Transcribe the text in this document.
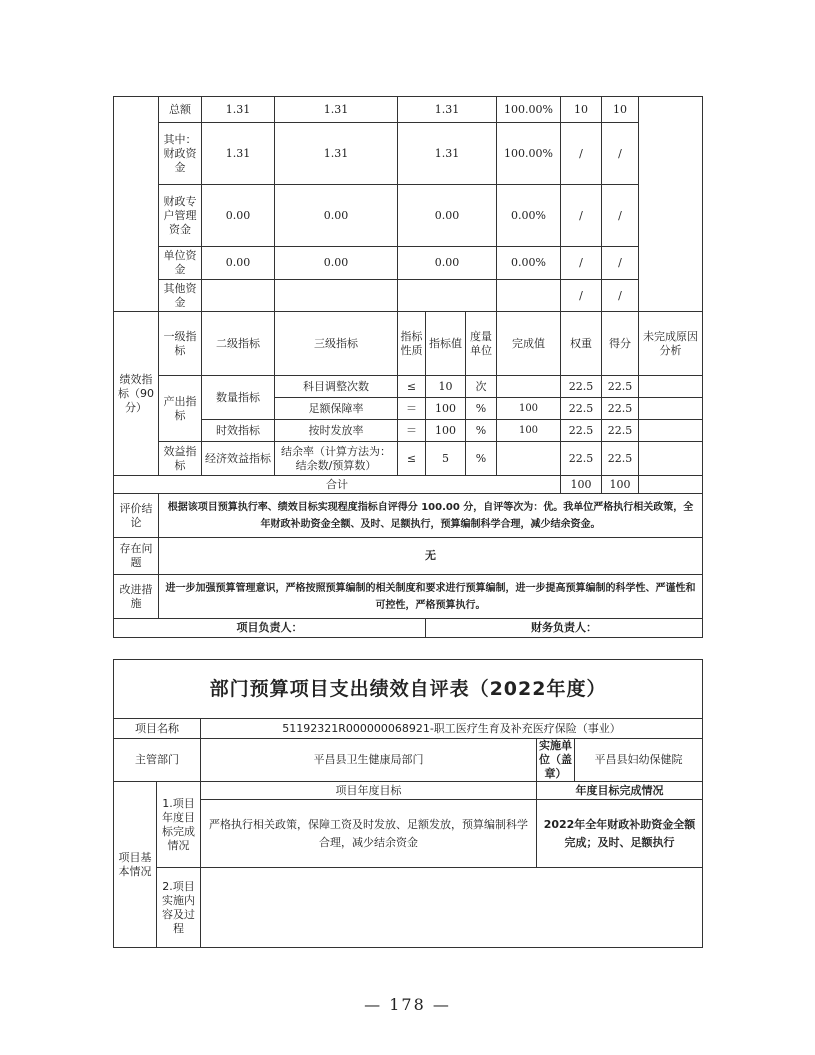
	总额	1.31	1.31	1.31			100.00%	10	10	
	其中：财政资金	1.31	1.31	1.31			100.00%	/	/	
	财政专户管理资金	0.00	0.00	0.00			0.00%	/	/	
	单位资金	0.00	0.00	0.00			0.00%	/	/	
	其他资金							/	/	
绩效指标（90分）	一级指标	二级指标	三级指标	指标性质	指标值	度量单位	完成值	权重	得分	未完成原因分析
	产出指标	数量指标	科目调整次数	≤	10	次		22.5	22.5	
			足额保障率	＝	100	%	100	22.5	22.5	
		时效指标	按时发放率	＝	100	%	100	22.5	22.5	
	效益指标	经济效益指标	结余率（计算方法为：结余数/预算数）	≤	5	%		22.5	22.5	
合计								100	100	
评价结论	根据该项目预算执行率、绩效目标实现程度指标自评得分 100.00 分，自评等次为：优。我单位严格执行相关政策，全年财政补助资金全额、及时、足额执行，预算编制科学合理，减少结余资金。									
存在问题	无									
改进措施	进一步加强预算管理意识，严格按照预算编制的相关制度和要求进行预算编制，进一步提高预算编制的科学性、严谨性和可控性，严格预算执行。									
项目负责人：					财务负责人：					
部门预算项目支出绩效自评表（2022年度）				
项目名称		51192321R000000068921-职工医疗生育及补充医疗保险（事业）		
主管部门		平昌县卫生健康局部门	实施单位（盖章）	平昌县妇幼保健院
项目基本情况	1.项目年度目标完成情况	项目年度目标	年度目标完成情况	
		严格执行相关政策，保障工资及时发放、足额发放，预算编制科学合理，减少结余资金	2022年全年财政补助资金全额完成；及时、足额执行	
	2.项目实施内容及过程			
— 178 —
